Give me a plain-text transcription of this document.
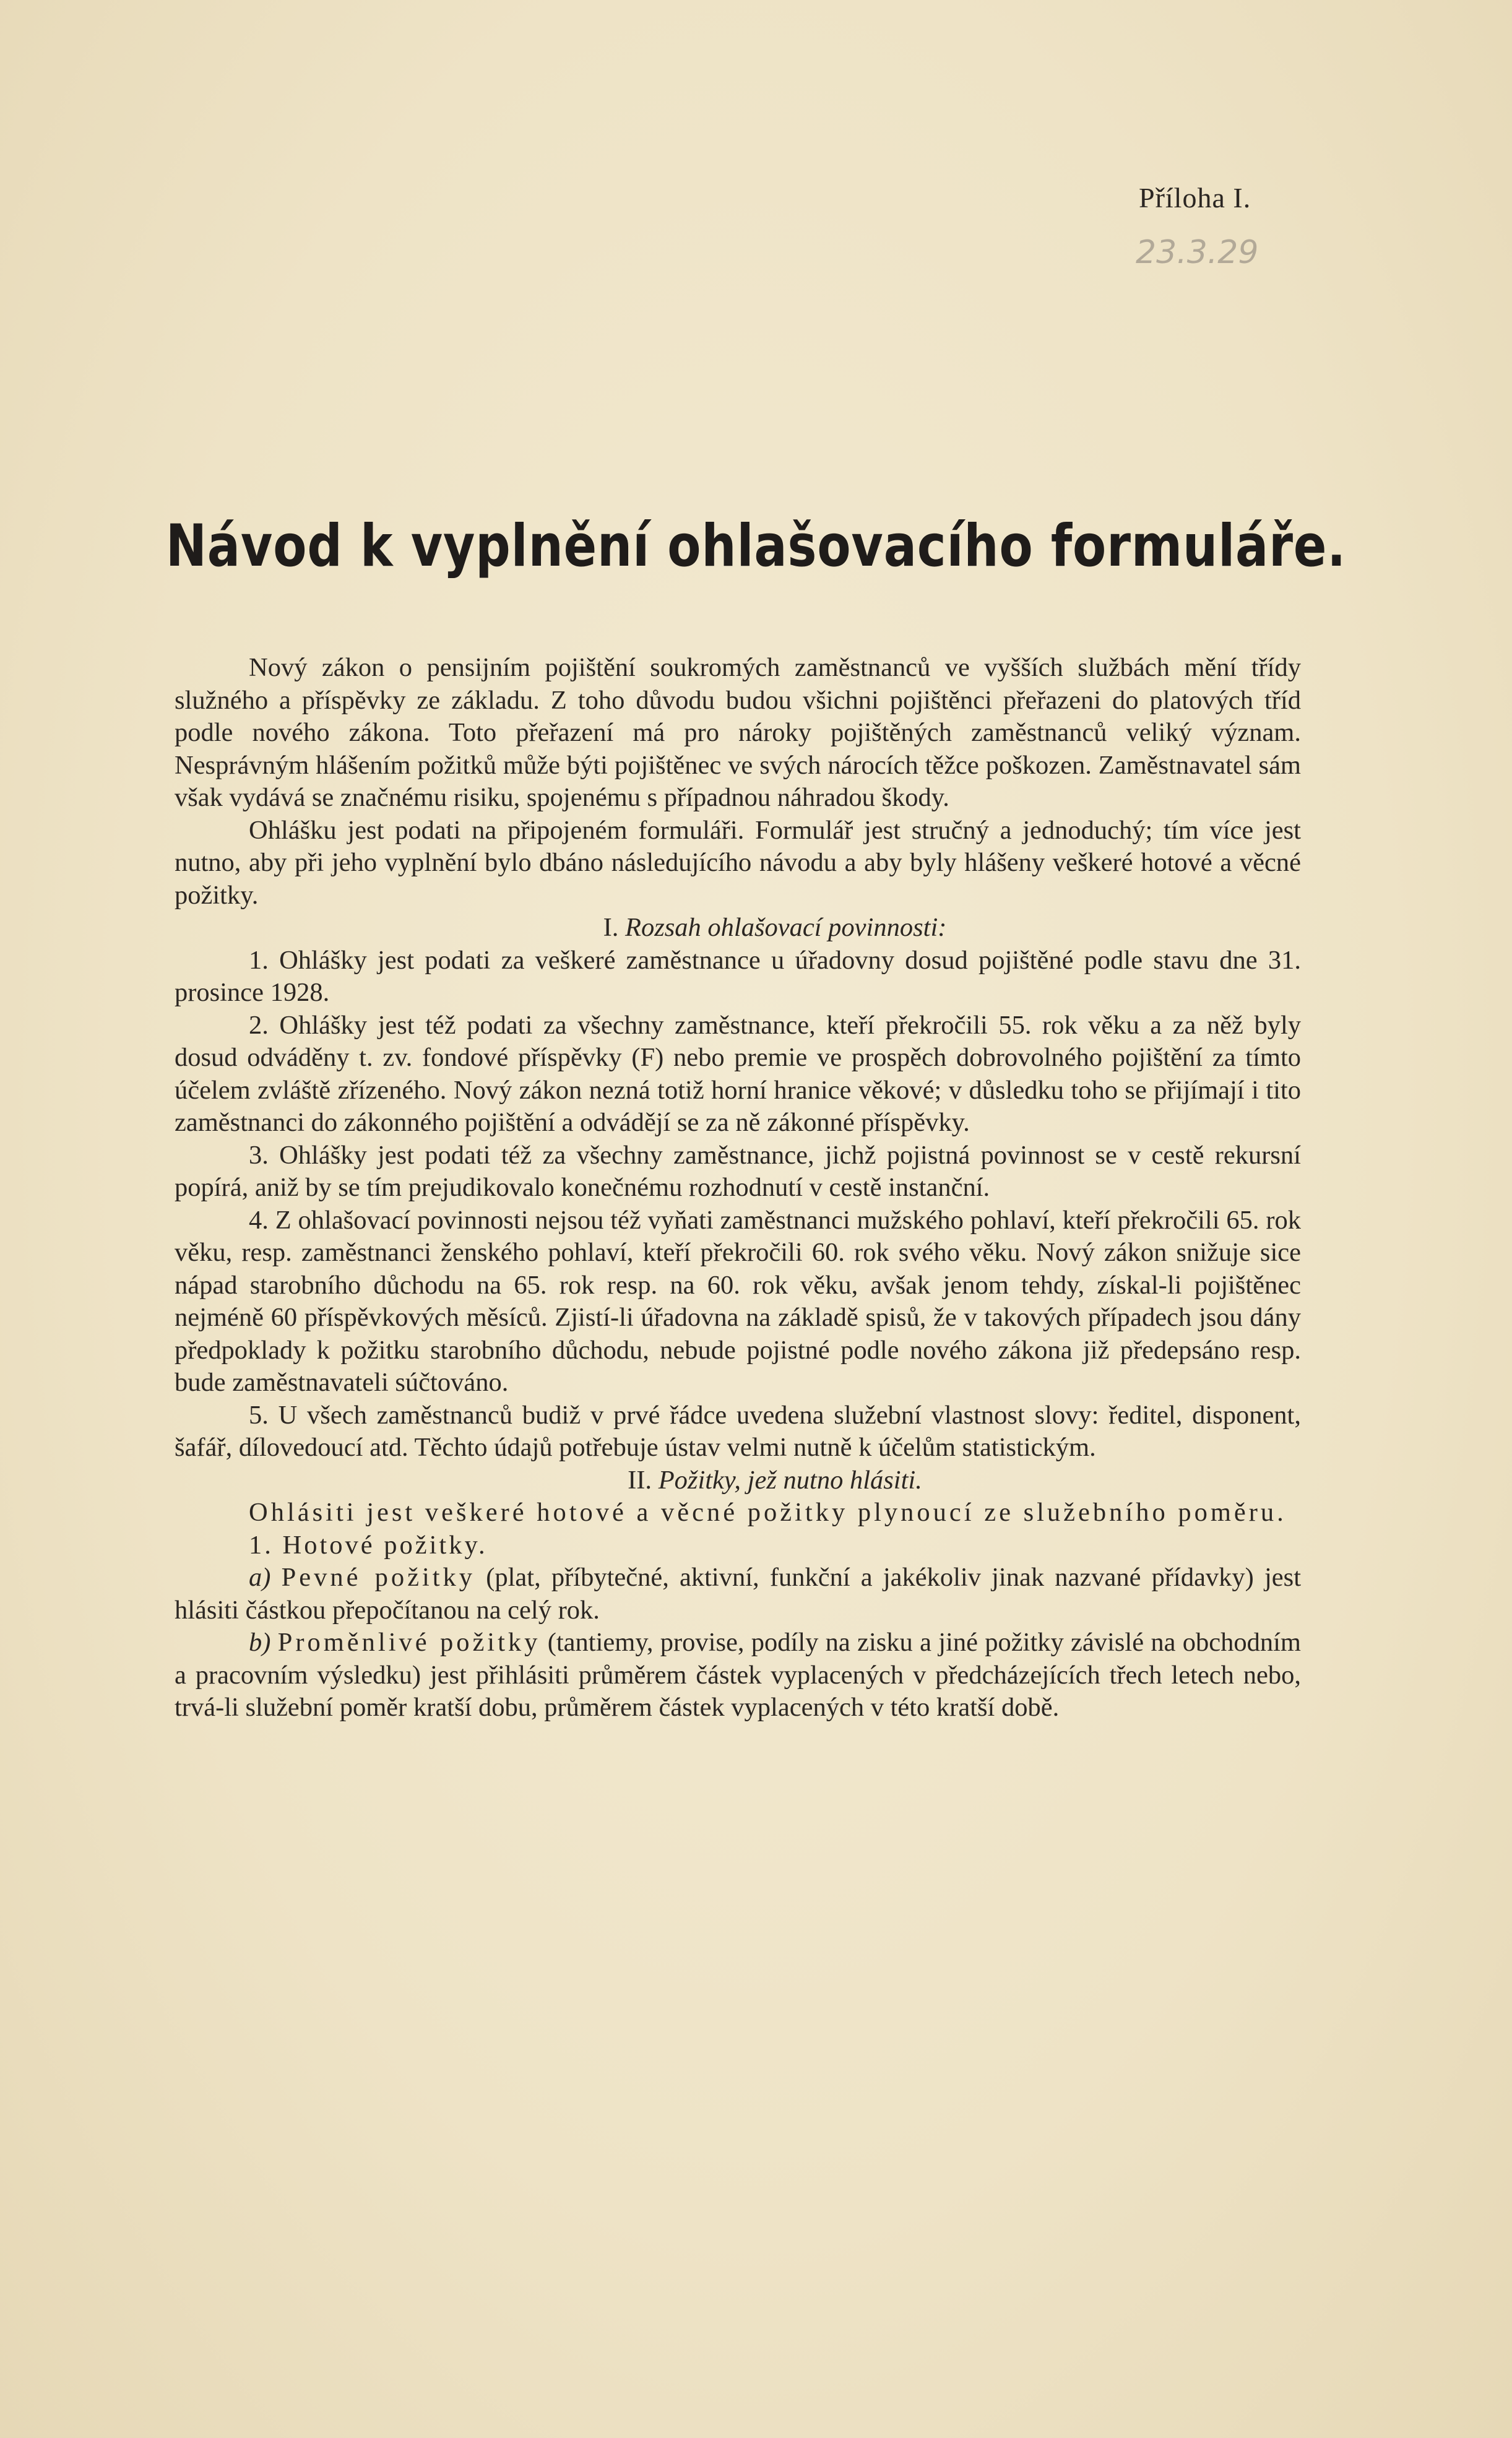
Příloha I.
23.3.29
Návod k vyplnění ohlašovacího formuláře.

Nový zákon o pensijním pojištění soukromých zaměstnanců ve vyšších službách mění třídy služného a příspěvky ze základu. Z toho důvodu budou všichni pojištěnci přeřazeni do platových tříd podle nového zákona. Toto přeřazení má pro nároky pojištěných zaměstnanců veliký význam. Nesprávným hlášením požitků může býti pojištěnec ve svých nárocích těžce poškozen. Zaměstnavatel sám však vydává se značnému risiku, spojenému s případnou náhradou škody.

Ohlášku jest podati na připojeném formuláři. Formulář jest stručný a jednoduchý; tím více jest nutno, aby při jeho vyplnění bylo dbáno následujícího návodu a aby byly hlášeny veškeré hotové a věcné požitky.

I. Rozsah ohlašovací povinnosti:

1. Ohlášky jest podati za veškeré zaměstnance u úřadovny dosud pojištěné podle stavu dne 31. prosince 1928.

2. Ohlášky jest též podati za všechny zaměstnance, kteří překročili 55. rok věku a za něž byly dosud odváděny t. zv. fondové příspěvky (F) nebo premie ve prospěch dobrovolného pojištění za tímto účelem zvláště zřízeného. Nový zákon nezná totiž horní hranice věkové; v důsledku toho se přijímají i tito zaměstnanci do zákonného pojištění a odvádějí se za ně zákonné příspěvky.

3. Ohlášky jest podati též za všechny zaměstnance, jichž pojistná povinnost se v cestě rekursní popírá, aniž by se tím prejudikovalo konečnému rozhodnutí v cestě instanční.

4. Z ohlašovací povinnosti nejsou též vyňati zaměstnanci mužského pohlaví, kteří překročili 65. rok věku, resp. zaměstnanci ženského pohlaví, kteří překročili 60. rok svého věku. Nový zákon snižuje sice nápad starobního důchodu na 65. rok resp. na 60. rok věku, avšak jenom tehdy, získal-li pojištěnec nejméně 60 příspěvkových měsíců. Zjistí-li úřadovna na základě spisů, že v takových případech jsou dány předpoklady k požitku starobního důchodu, nebude pojistné podle nového zákona již předepsáno resp. bude zaměstnavateli súčtováno.

5. U všech zaměstnanců budiž v prvé řádce uvedena služební vlastnost slovy: ředitel, disponent, šafář, dílovedoucí atd. Těchto údajů potřebuje ústav velmi nutně k účelům statistickým.

II. Požitky, jež nutno hlásiti.

Ohlásiti jest veškeré hotové a věcné požitky plynoucí ze služebního poměru.

1. Hotové požitky.

a) Pevné požitky (plat, příbytečné, aktivní, funkční a jakékoliv jinak nazvané přídavky) jest hlásiti částkou přepočítanou na celý rok.

b) Proměnlivé požitky (tantiemy, provise, podíly na zisku a jiné požitky závislé na obchodním a pracovním výsledku) jest přihlásiti průměrem částek vyplacených v předcházejících třech letech nebo, trvá-li služební poměr kratší dobu, průměrem částek vyplacených v této kratší době.
